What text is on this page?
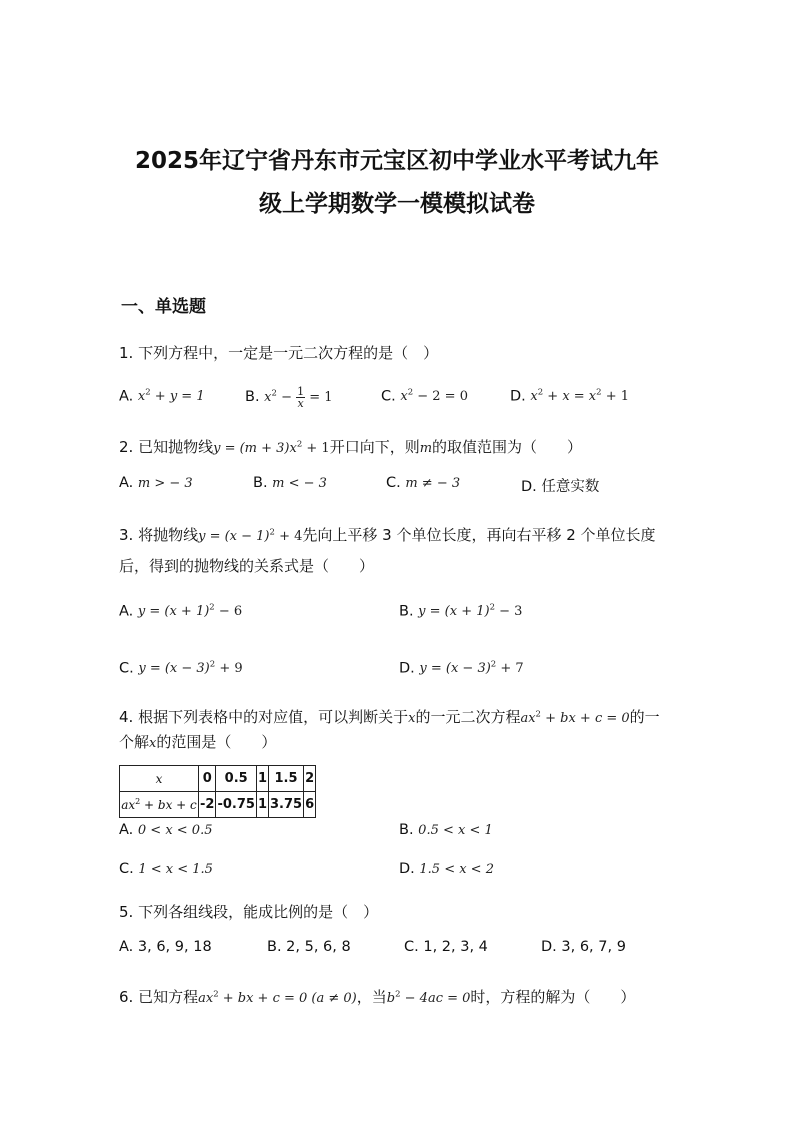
2025年辽宁省丹东市元宝区初中学业水平考试九年
级上学期数学一模模拟试卷
一、单选题
1. 下列方程中，一定是一元二次方程的是（　）
A. $x^2 + y = 1$	B. $x^2 - \frac{1}{x} = 1$	C. $x^2 - 2 = 0$	D. $x^2 + x = x^2 + 1$
2. 已知抛物线$y = (m + 3)x^2 + 1$开口向下，则m的取值范围为（　　）
A. m > − 3	B. m < − 3	C. m ≠ − 3	D. 任意实数
3. 将抛物线$y = (x - 1)^2 + 4$先向上平移 3 个单位长度，再向右平移 2 个单位长度
后，得到的抛物线的关系式是（　　）
A. $y = (x + 1)^2 - 6$	B. $y = (x + 1)^2 - 3$
C. $y = (x - 3)^2 + 9$	D. $y = (x - 3)^2 + 7$
4. 根据下列表格中的对应值，可以判断关于x的一元二次方程$ax^2$ + bx + c = 0的一
个解x的范围是（　　）
x	0	0.5	1	1.5	2
$ax^2$ + bx + c	-2	-0.75	1	3.75	6
A. 0 < x < 0.5	B. 0.5 < x < 1
C. 1 < x < 1.5	D. 1.5 < x < 2
5. 下列各组线段，能成比例的是（　）
A. 3, 6, 9, 18	B. 2, 5, 6, 8	C. 1, 2, 3, 4	D. 3, 6, 7, 9
6. 已知方程$ax^2$ + bx + c = 0 (a ≠ 0)，当$b^2 - 4ac = 0$时，方程的解为（　　）
